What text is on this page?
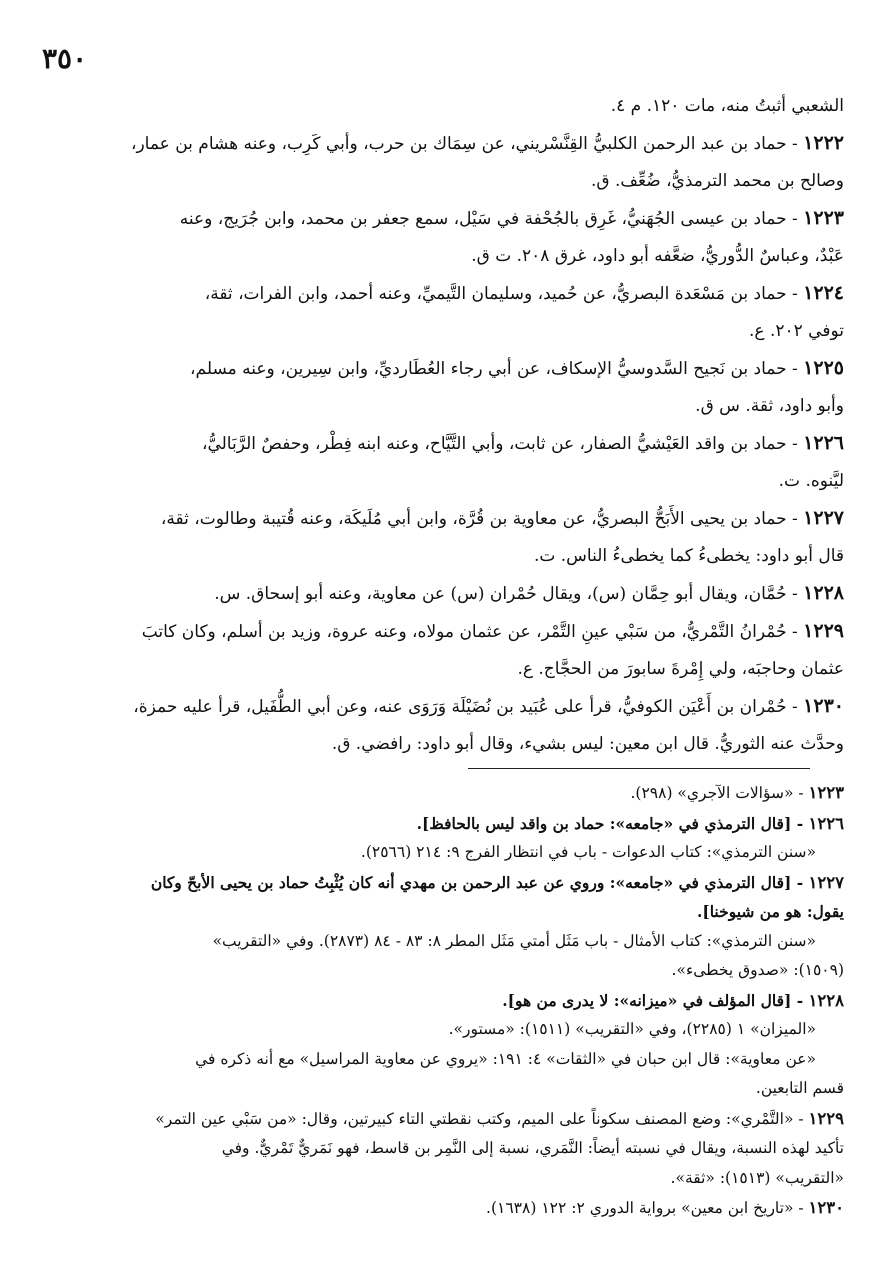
٣٥٠

الشعبي أثبتُ منه، مات ١٢٠. م ٤.

١٢٢٢ - حماد بن عبد الرحمن الكلبيُّ القِنَّسْريني، عن سِمَاك بن حرب، وأبي كَرِب، وعنه هشام بن عمار،

وصالح بن محمد الترمذيُّ، ضُعِّف. ق.

١٢٢٣ - حماد بن عيسى الجُهَنيُّ، غَرِق بالجُحْفة في سَيْل، سمع جعفر بن محمد، وابن جُرَيج، وعنه

عَبْدٌ، وعباسٌ الدُّوريُّ، ضعَّفه أبو داود، غرق ٢٠٨. ت ق.

١٢٢٤ - حماد بن مَسْعَدة البصريُّ، عن حُميد، وسليمان التَّيميِّ، وعنه أحمد، وابن الفرات، ثقة،

توفي ٢٠٢. ع.

١٢٢٥ - حماد بن نَجيح السَّدوسيُّ الإسكاف، عن أبي رجاء العُطَارديِّ، وابن سِيرين، وعنه مسلم،

وأبو داود، ثقة. س ق.

١٢٢٦ - حماد بن واقد العَيْشيُّ الصفار، عن ثابت، وأبي التَّيَّاح، وعنه ابنه فِطْر، وحفصٌ الرَّبَاليُّ،

ليَّنوه. ت.

١٢٢٧ - حماد بن يحيى الأَبَحُّ البصريُّ، عن معاوية بن قُرَّة، وابن أبي مُلَيكَة، وعنه قُتيبة وطالوت، ثقة،

قال أبو داود: يخطىءُ كما يخطىءُ الناس. ت.

١٢٢٨ - حُمَّان، ويقال أبو حِمَّان (س)، ويقال حُمْران (س) عن معاوية، وعنه أبو إسحاق. س.

١٢٢٩ - حُمْرانُ التَّمْريُّ، من سَبْي عينِ التَّمْر، عن عثمان مولاه، وعنه عروة، وزيد بن أسلم، وكان كاتبَ

عثمان وحاجبَه، ولي إِمْرةَ سابورَ من الحجَّاج. ع.

١٢٣٠ - حُمْران بن أَعْيَن الكوفيُّ، قرأ على عُبَيد بن نُضَيْلَة وَرَوَى عنه، وعن أبي الطُّفَيل، قرأ عليه حمزة،

وحدَّث عنه الثوريُّ. قال ابن معين: ليس بشيء، وقال أبو داود: رافضي. ق.

١٢٢٣ - «سؤالات الآجري» (٢٩٨).

١٢٢٦ - [قال الترمذي في «جامعه»: حماد بن واقد ليس بالحافظ].

«سنن الترمذي»: كتاب الدعوات - باب في انتظار الفرج ٩: ٢١٤ (٢٥٦٦).

١٢٢٧ - [قال الترمذي في «جامعه»: وروي عن عبد الرحمن بن مهدي أنه كان يُثْبِتُ حماد بن يحيى الأبحّ وكان

يقول: هو من شيوخنا].

«سنن الترمذي»: كتاب الأمثال - باب مَثَل أمتي مَثَل المطر ٨: ٨٣ - ٨٤ (٢٨٧٣). وفي «التقريب»

(١٥٠٩): «صدوق يخطىء».

١٢٢٨ - [قال المؤلف في «ميزانه»: لا يدرى من هو].

«الميزان» ١ (٢٢٨٥)، وفي «التقريب» (١٥١١): «مستور».

«عن معاوية»: قال ابن حبان في «الثقات» ٤: ١٩١: «يروي عن معاوية المراسيل» مع أنه ذكره في

قسم التابعين.

١٢٢٩ - «التَّمْري»: وضع المصنف سكوناً على الميم، وكتب نقطتي التاء كبيرتين، وقال: «من سَبْي عين التمر»

تأكيد لهذه النسبة، ويقال في نسبته أيضاً: النَّمَري، نسبة إلى النَّمِر بن قاسط، فهو نَمَريٌّ تَمْريٌّ. وفي

«التقريب» (١٥١٣): «ثقة».

١٢٣٠ - «تاريخ ابن معين» برواية الدوري ٢: ١٢٢ (١٦٣٨).
